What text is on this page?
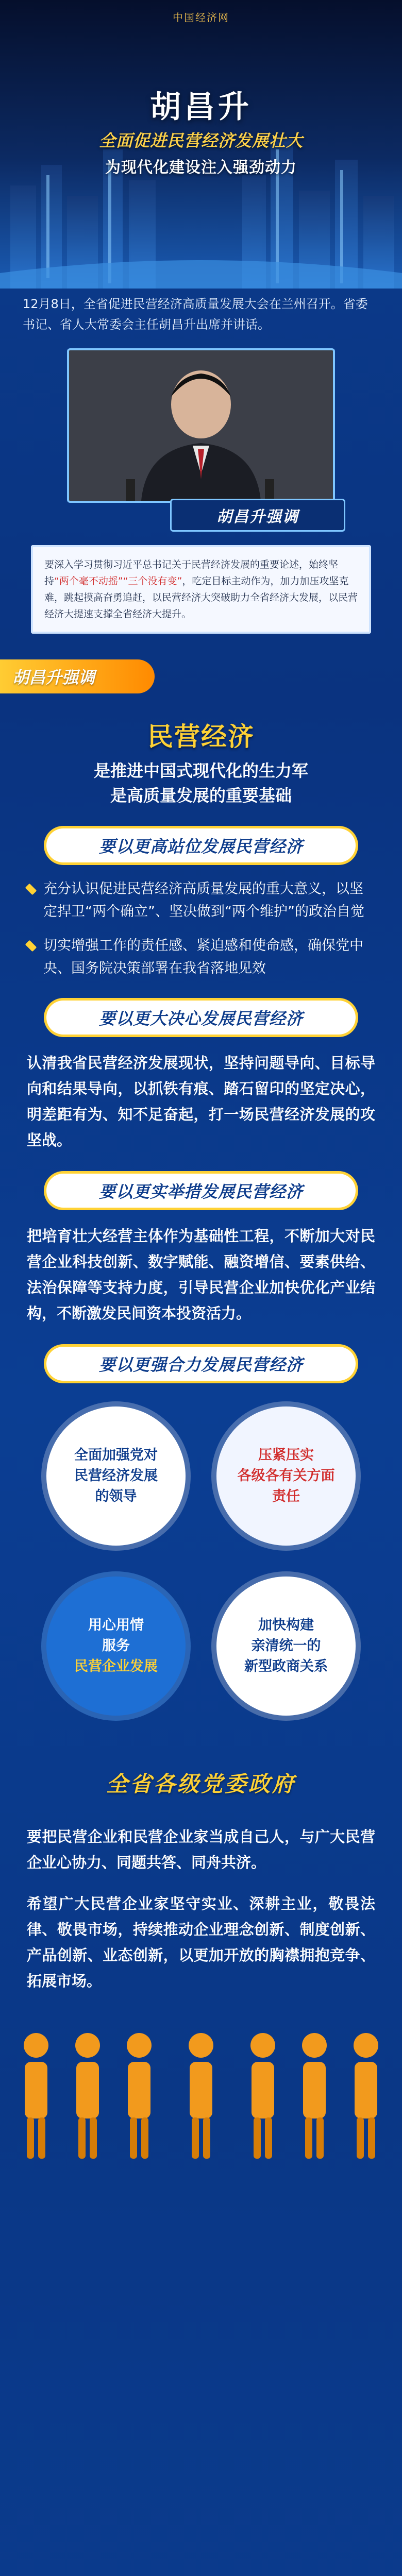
中国经济网
胡昌升
全面促进民营经济发展壮大
为现代化建设注入强劲动力
12月8日，全省促进民营经济高质量发展大会在兰州召开。省委书记、省人大常委会主任胡昌升出席并讲话。
胡昌升强调
要深入学习贯彻习近平总书记关于民营经济发展的重要论述，始终坚持“两个毫不动摇”“三个没有变”，吃定目标主动作为，加力加压攻坚克难，跳起摸高奋勇追赶，以民营经济大突破助力全省经济大发展，以民营经济大提速支撑全省经济大提升。
胡昌升强调
民营经济
是推进中国式现代化的生力军
是高质量发展的重要基础
要以更高站位发展民营经济
充分认识促进民营经济高质量发展的重大意义，以坚定捍卫“两个确立”、坚决做到“两个维护”的政治自觉
切实增强工作的责任感、紧迫感和使命感，确保党中央、国务院决策部署在我省落地见效
要以更大决心发展民营经济
认清我省民营经济发展现状，坚持问题导向、目标导向和结果导向，以抓铁有痕、踏石留印的坚定决心，明差距有为、知不足奋起，打一场民营经济发展的攻坚战。
要以更实举措发展民营经济
把培育壮大经营主体作为基础性工程，不断加大对民营企业科技创新、数字赋能、融资增信、要素供给、法治保障等支持力度，引导民营企业加快优化产业结构，不断激发民间资本投资活力。
要以更强合力发展民营经济
全面加强党对
民营经济发展
的领导
压紧压实
各级各有关方面
责任
用心用情
服务
民营企业发展
加快构建
亲清统一的
新型政商关系
全省各级党委政府
要把民营企业和民营企业家当成自己人，与广大民营企业心协力、同题共答、同舟共济。
希望广大民营企业家坚守实业、深耕主业，敬畏法律、敬畏市场，持续推动企业理念创新、制度创新、产品创新、业态创新，以更加开放的胸襟拥抱竞争、拓展市场。
